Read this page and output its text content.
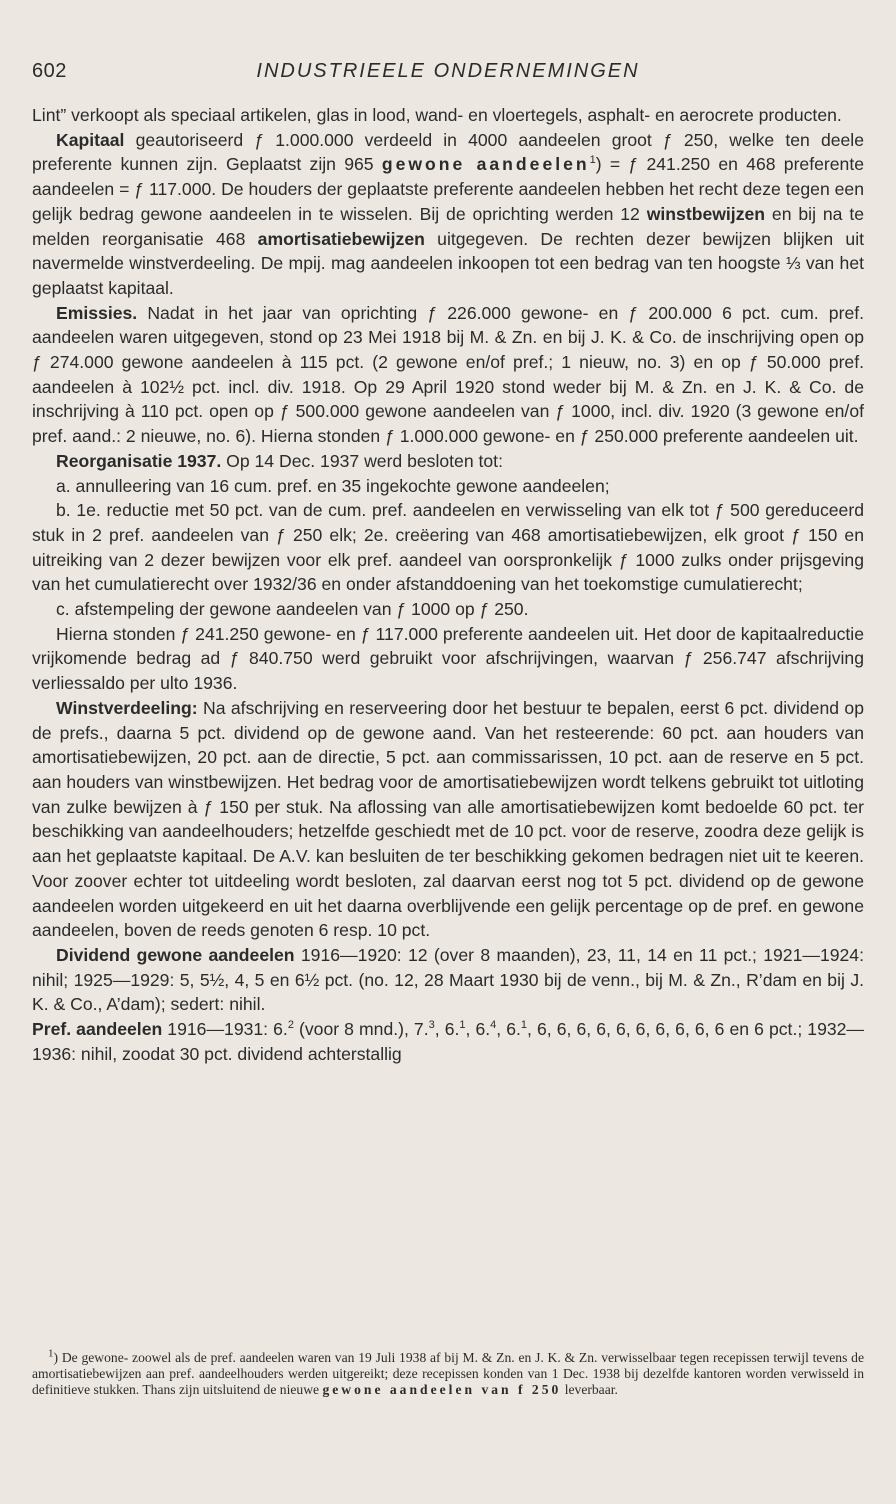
602	INDUSTRIEELE ONDERNEMINGEN

Lint” verkoopt als speciaal artikelen, glas in lood, wand- en vloertegels, asphalt- en aerocrete producten.

Kapitaal geautoriseerd ƒ 1.000.000 verdeeld in 4000 aandeelen groot ƒ 250, welke ten deele preferente kunnen zijn. Geplaatst zijn 965 gewone aandeelen$^1$) = ƒ 241.250 en 468 preferente aandeelen = ƒ 117.000. De houders der geplaatste preferente aandeelen hebben het recht deze tegen een gelijk bedrag gewone aandeelen in te wisselen. Bij de oprichting werden 12 winstbewijzen en bij na te melden reorganisatie 468 amortisatiebewijzen uitgegeven. De rechten dezer bewijzen blijken uit navermelde winstverdeeling. De mpij. mag aandeelen inkoopen tot een bedrag van ten hoogste ⅓ van het geplaatst kapitaal.

Emissies. Nadat in het jaar van oprichting ƒ 226.000 gewone- en ƒ 200.000 6 pct. cum. pref. aandeelen waren uitgegeven, stond op 23 Mei 1918 bij M. & Zn. en bij J. K. & Co. de inschrijving open op ƒ 274.000 gewone aandeelen à 115 pct. (2 gewone en/of pref.; 1 nieuw, no. 3) en op ƒ 50.000 pref. aandeelen à 102½ pct. incl. div. 1918. Op 29 April 1920 stond weder bij M. & Zn. en J. K. & Co. de inschrijving à 110 pct. open op ƒ 500.000 gewone aandeelen van ƒ 1000, incl. div. 1920 (3 gewone en/of pref. aand.: 2 nieuwe, no. 6). Hierna stonden ƒ 1.000.000 gewone- en ƒ 250.000 preferente aandeelen uit.

Reorganisatie 1937. Op 14 Dec. 1937 werd besloten tot:

a. annulleering van 16 cum. pref. en 35 ingekochte gewone aandeelen;

b. 1e. reductie met 50 pct. van de cum. pref. aandeelen en verwisseling van elk tot ƒ 500 gereduceerd stuk in 2 pref. aandeelen van ƒ 250 elk; 2e. creëering van 468 amortisatiebewijzen, elk groot ƒ 150 en uitreiking van 2 dezer bewijzen voor elk pref. aandeel van oorspronkelijk ƒ 1000 zulks onder prijsgeving van het cumulatierecht over 1932/36 en onder afstanddoening van het toekomstige cumulatierecht;

c. afstempeling der gewone aandeelen van ƒ 1000 op ƒ 250.

Hierna stonden ƒ 241.250 gewone- en ƒ 117.000 preferente aandeelen uit. Het door de kapitaalreductie vrijkomende bedrag ad ƒ 840.750 werd gebruikt voor afschrijvingen, waarvan ƒ 256.747 afschrijving verliessaldo per ulto 1936.

Winstverdeeling: Na afschrijving en reserveering door het bestuur te bepalen, eerst 6 pct. dividend op de prefs., daarna 5 pct. dividend op de gewone aand. Van het resteerende: 60 pct. aan houders van amortisatiebewijzen, 20 pct. aan de directie, 5 pct. aan commissarissen, 10 pct. aan de reserve en 5 pct. aan houders van winstbewijzen. Het bedrag voor de amortisatiebewijzen wordt telkens gebruikt tot uitloting van zulke bewijzen à ƒ 150 per stuk. Na aflossing van alle amortisatiebewijzen komt bedoelde 60 pct. ter beschikking van aandeelhouders; hetzelfde geschiedt met de 10 pct. voor de reserve, zoodra deze gelijk is aan het geplaatste kapitaal. De A.V. kan besluiten de ter beschikking gekomen bedragen niet uit te keeren. Voor zoover echter tot uitdeeling wordt besloten, zal daarvan eerst nog tot 5 pct. dividend op de gewone aandeelen worden uitgekeerd en uit het daarna overblijvende een gelijk percentage op de pref. en gewone aandeelen, boven de reeds genoten 6 resp. 10 pct.

Dividend gewone aandeelen 1916—1920: 12 (over 8 maanden), 23, 11, 14 en 11 pct.; 1921—1924: nihil; 1925—1929: 5, 5½, 4, 5 en 6½ pct. (no. 12, 28 Maart 1930 bij de venn., bij M. & Zn., R’dam en bij J. K. & Co., A’dam); sedert: nihil.

Pref. aandeelen 1916—1931: 6.$^2$ (voor 8 mnd.), 7.$^3$, 6.$^1$, 6.$^4$, 6.$^1$, 6, 6, 6, 6, 6, 6, 6, 6, 6, 6 en 6 pct.; 1932—1936: nihil, zoodat 30 pct. dividend achterstallig

$^1$) De gewone- zoowel als de pref. aandeelen waren van 19 Juli 1938 af bij M. & Zn. en J. K. & Zn. verwisselbaar tegen recepissen terwijl tevens de amortisatiebewijzen aan pref. aandeelhouders werden uitgereikt; deze recepissen konden van 1 Dec. 1938 bij dezelfde kantoren worden verwisseld in definitieve stukken. Thans zijn uitsluitend de nieuwe gewone aandeelen van f 250 leverbaar.
